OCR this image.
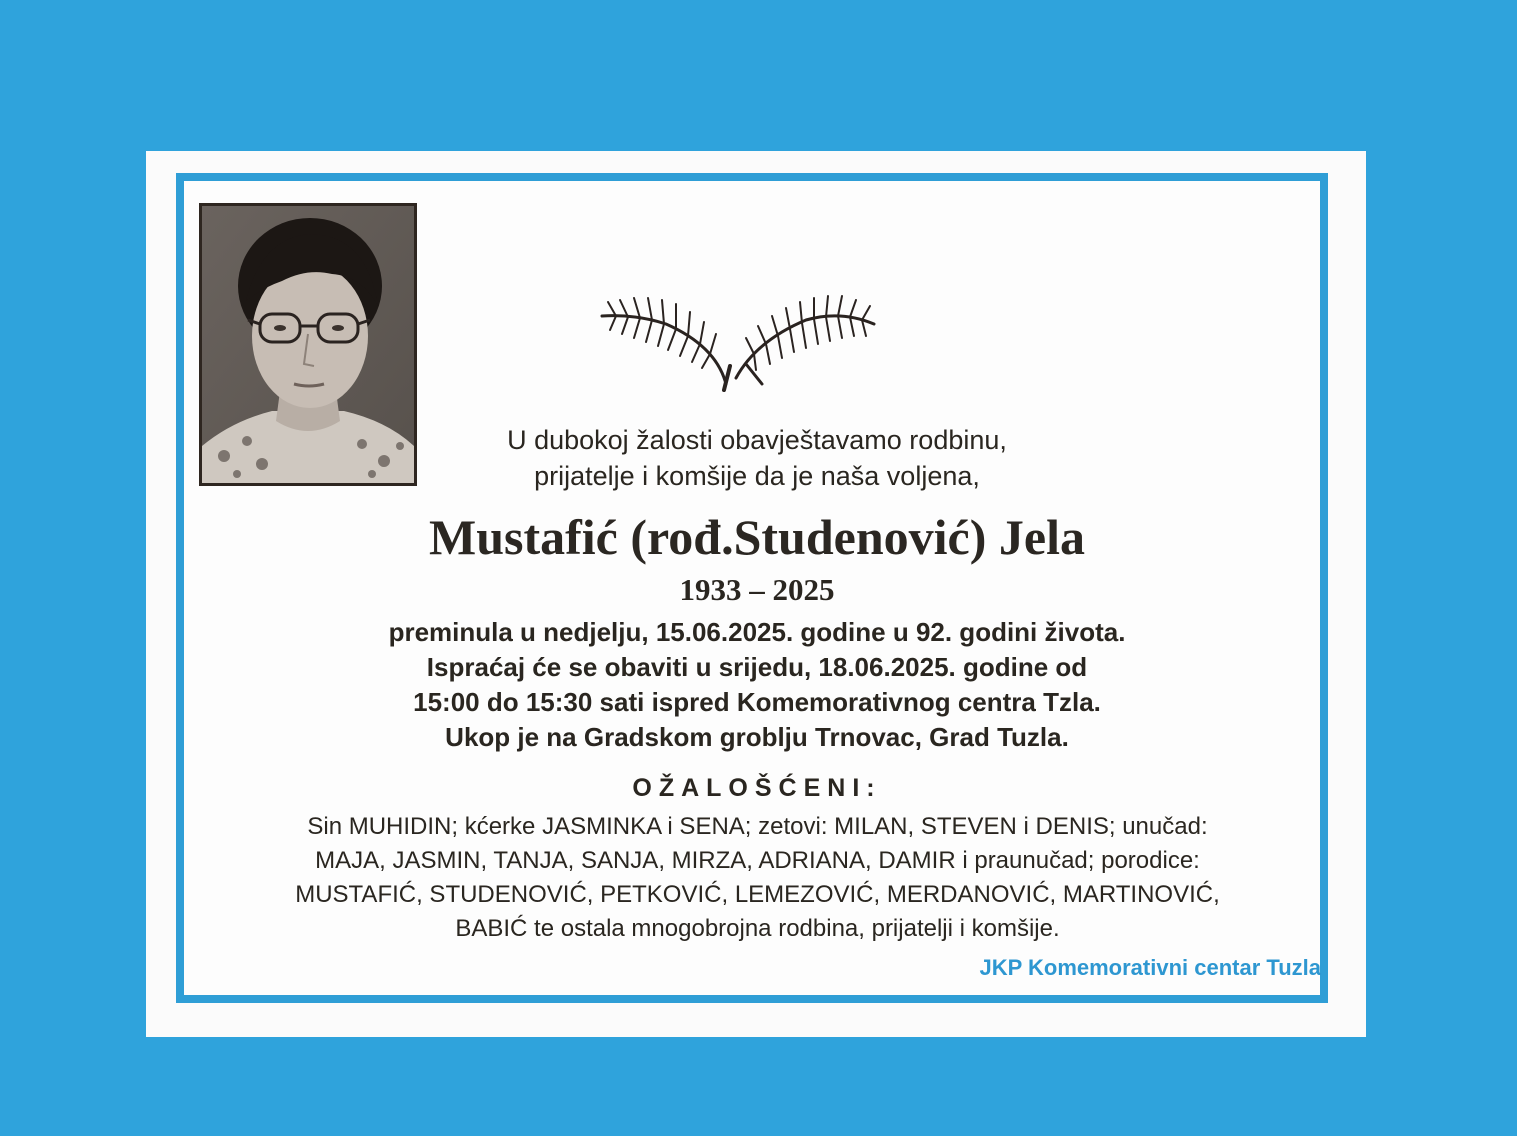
U dubokoj žalosti obavještavamo rodbinu,
prijatelje i komšije da je naša voljena,
Mustafić (rođ.Studenović) Jela
1933 – 2025
preminula u nedjelju, 15.06.2025. godine u 92. godini života.
Ispraćaj će se obaviti u srijedu, 18.06.2025. godine od
15:00 do 15:30 sati ispred Komemorativnog centra Tzla.
Ukop je na Gradskom groblju Trnovac, Grad Tuzla.
OŽALOŠĆENI:
Sin MUHIDIN; kćerke JASMINKA i SENA; zetovi: MILAN, STEVEN i DENIS; unučad:
MAJA, JASMIN, TANJA, SANJA, MIRZA, ADRIANA, DAMIR i praunučad; porodice:
MUSTAFIĆ, STUDENOVIĆ, PETKOVIĆ, LEMEZOVIĆ, MERDANOVIĆ, MARTINOVIĆ,
BABIĆ te ostala mnogobrojna rodbina, prijatelji i komšije.
JKP Komemorativni centar Tuzla
